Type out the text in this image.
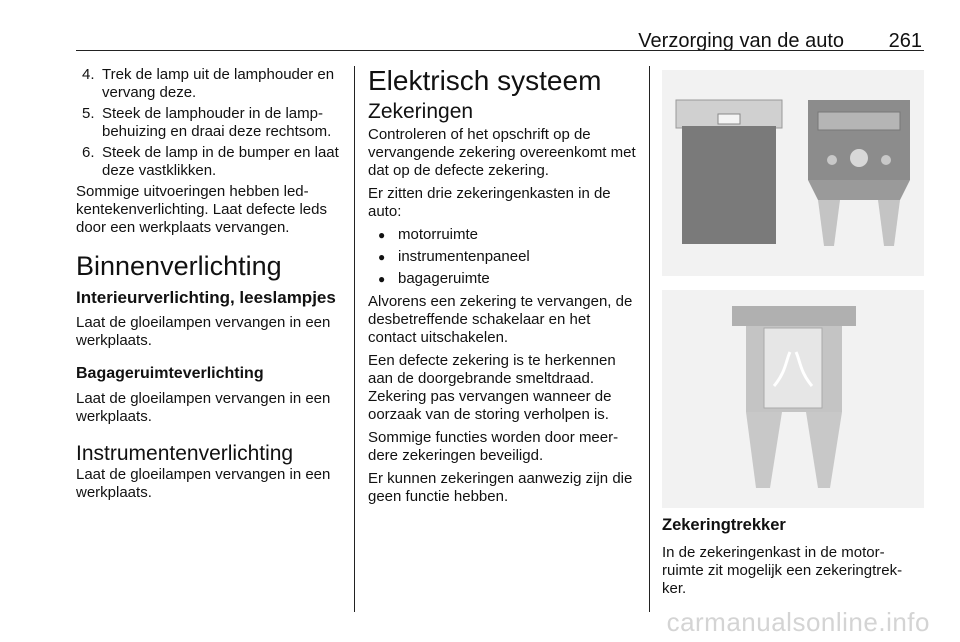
Verzorging van de auto 261
4. Trek de lamp uit de lamphouder en vervang deze.
5. Steek de lamphouder in de lamp-behuizing en draai deze rechtsom.
6. Steek de lamp in de bumper en laat deze vastklikken.

Sommige uitvoeringen hebben led-kentekenverlichting. Laat defecte leds door een werkplaats vervangen.

Binnenverlichting
Interieurverlichting, leeslampjes

Laat de gloeilampen vervangen in een werkplaats.

Bagageruimteverlichting

Laat de gloeilampen vervangen in een werkplaats.

Instrumentenverlichting

Laat de gloeilampen vervangen in een werkplaats.

Elektrisch systeem
Zekeringen

Controleren of het opschrift op de vervangende zekering overeenkomt met dat op de defecte zekering.

Er zitten drie zekeringenkasten in de auto:

● motorruimte
● instrumentenpaneel
● bagageruimte

Alvorens een zekering te vervangen, de desbetreffende schakelaar en het contact uitschakelen.

Een defecte zekering is te herkennen aan de doorgebrande smeltdraad. Zekering pas vervangen wanneer de oorzaak van de storing verholpen is.

Sommige functies worden door meer-dere zekeringen beveiligd.

Er kunnen zekeringen aanwezig zijn die geen functie hebben.

Zekeringtrekker

In de zekeringenkast in de motor-ruimte zit mogelijk een zekeringtrek-ker.

carmanualsonline.info
